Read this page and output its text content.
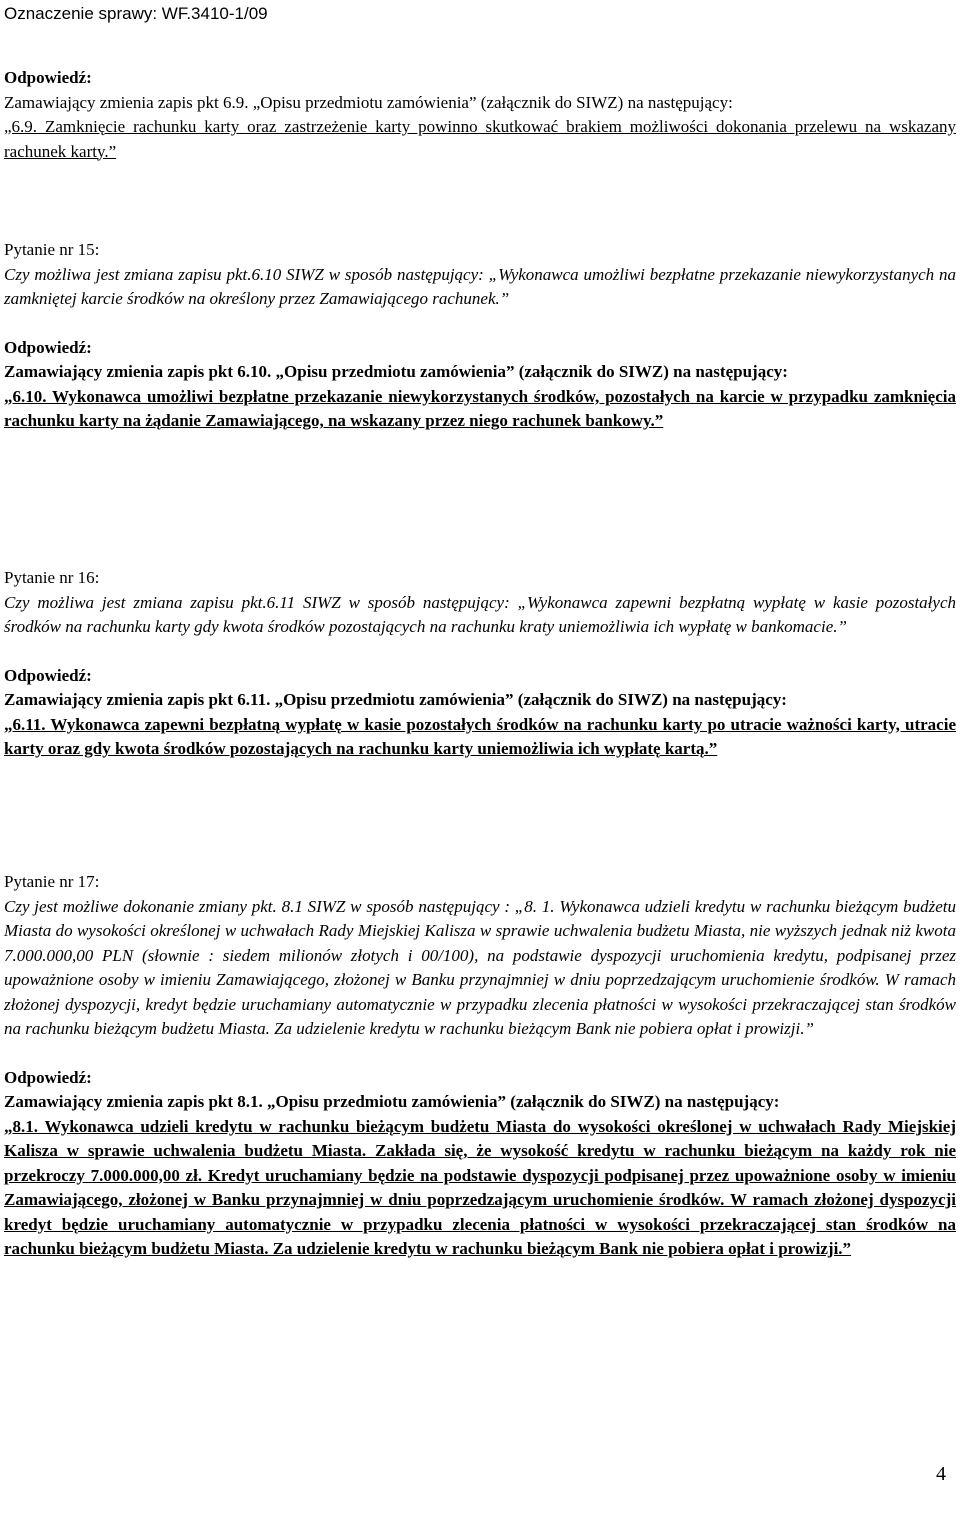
Oznaczenie sprawy: WF.3410-1/09

Odpowiedź:

Zamawiający zmienia zapis pkt 6.9. „Opisu przedmiotu zamówienia” (załącznik do SIWZ) na następujący:

„6.9. Zamknięcie rachunku karty oraz zastrzeżenie karty powinno skutkować brakiem możliwości dokonania przelewu na wskazany rachunek karty.”

Pytanie nr 15:

Czy możliwa jest zmiana zapisu pkt.6.10 SIWZ w sposób następujący: „Wykonawca umożliwi bezpłatne przekazanie niewykorzystanych na zamkniętej karcie środków na określony przez Zamawiającego rachunek.”

Odpowiedź:

Zamawiający zmienia zapis pkt 6.10. „Opisu przedmiotu zamówienia” (załącznik do SIWZ) na następujący:

„6.10. Wykonawca umożliwi bezpłatne przekazanie niewykorzystanych środków, pozostałych na karcie w przypadku zamknięcia rachunku karty na żądanie Zamawiającego, na wskazany przez niego rachunek bankowy.”

Pytanie nr 16:

Czy możliwa jest zmiana zapisu pkt.6.11 SIWZ w sposób następujący: „Wykonawca zapewni bezpłatną wypłatę w kasie pozostałych środków na rachunku karty gdy kwota środków pozostających na rachunku kraty uniemożliwia ich wypłatę w bankomacie.”

Odpowiedź:

Zamawiający zmienia zapis pkt 6.11. „Opisu przedmiotu zamówienia” (załącznik do SIWZ) na następujący:

„6.11. Wykonawca zapewni bezpłatną wypłatę w kasie pozostałych środków na rachunku karty po utracie ważności karty, utracie karty oraz gdy kwota środków pozostających na rachunku karty uniemożliwia ich wypłatę kartą.”

Pytanie nr 17:

Czy jest możliwe dokonanie zmiany pkt. 8.1 SIWZ w sposób następujący : „8. 1. Wykonawca udzieli kredytu w rachunku bieżącym budżetu Miasta do wysokości określonej w uchwałach Rady Miejskiej Kalisza w sprawie uchwalenia budżetu Miasta, nie wyższych jednak niż kwota 7.000.000,00 PLN (słownie : siedem milionów złotych i 00/100), na podstawie dyspozycji uruchomienia kredytu, podpisanej przez upoważnione osoby w imieniu Zamawiającego, złożonej w Banku przynajmniej w dniu poprzedzającym uruchomienie środków. W ramach złożonej dyspozycji, kredyt będzie uruchamiany automatycznie w przypadku zlecenia płatności w wysokości przekraczającej stan środków na rachunku bieżącym budżetu Miasta. Za udzielenie kredytu w rachunku bieżącym Bank nie pobiera opłat i prowizji.”

Odpowiedź:

Zamawiający zmienia zapis pkt 8.1. „Opisu przedmiotu zamówienia” (załącznik do SIWZ) na następujący:

„8.1. Wykonawca udzieli kredytu w rachunku bieżącym budżetu Miasta do wysokości określonej w uchwałach Rady Miejskiej Kalisza w sprawie uchwalenia budżetu Miasta. Zakłada się, że wysokość kredytu w rachunku bieżącym na każdy rok nie przekroczy 7.000.000,00 zł. Kredyt uruchamiany będzie na podstawie dyspozycji podpisanej przez upoważnione osoby w imieniu Zamawiającego, złożonej w Banku przynajmniej w dniu poprzedzającym uruchomienie środków. W ramach złożonej dyspozycji kredyt będzie uruchamiany automatycznie w przypadku zlecenia płatności w wysokości przekraczającej stan środków na rachunku bieżącym budżetu Miasta. Za udzielenie kredytu w rachunku bieżącym Bank nie pobiera opłat i prowizji.”

4
